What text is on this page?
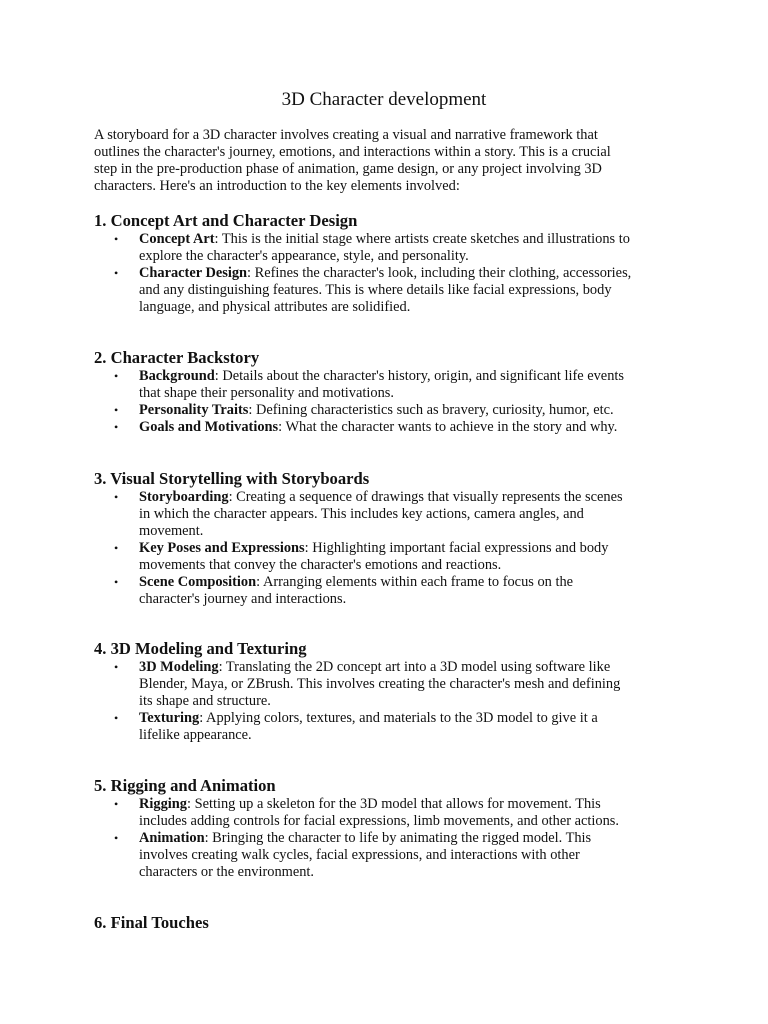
3D Character development

A storyboard for a 3D character involves creating a visual and narrative framework that
outlines the character's journey, emotions, and interactions within a story. This is a crucial
step in the pre-production phase of animation, game design, or any project involving 3D
characters. Here's an introduction to the key elements involved:

1. Concept Art and Character Design
• Concept Art: This is the initial stage where artists create sketches and illustrations to
explore the character's appearance, style, and personality.
• Character Design: Refines the character's look, including their clothing, accessories,
and any distinguishing features. This is where details like facial expressions, body
language, and physical attributes are solidified.
2. Character Backstory
• Background: Details about the character's history, origin, and significant life events
that shape their personality and motivations.
• Personality Traits: Defining characteristics such as bravery, curiosity, humor, etc.
• Goals and Motivations: What the character wants to achieve in the story and why.
3. Visual Storytelling with Storyboards
• Storyboarding: Creating a sequence of drawings that visually represents the scenes
in which the character appears. This includes key actions, camera angles, and
movement.
• Key Poses and Expressions: Highlighting important facial expressions and body
movements that convey the character's emotions and reactions.
• Scene Composition: Arranging elements within each frame to focus on the
character's journey and interactions.
4. 3D Modeling and Texturing
• 3D Modeling: Translating the 2D concept art into a 3D model using software like
Blender, Maya, or ZBrush. This involves creating the character's mesh and defining
its shape and structure.
• Texturing: Applying colors, textures, and materials to the 3D model to give it a
lifelike appearance.
5. Rigging and Animation
• Rigging: Setting up a skeleton for the 3D model that allows for movement. This
includes adding controls for facial expressions, limb movements, and other actions.
• Animation: Bringing the character to life by animating the rigged model. This
involves creating walk cycles, facial expressions, and interactions with other
characters or the environment.
6. Final Touches
